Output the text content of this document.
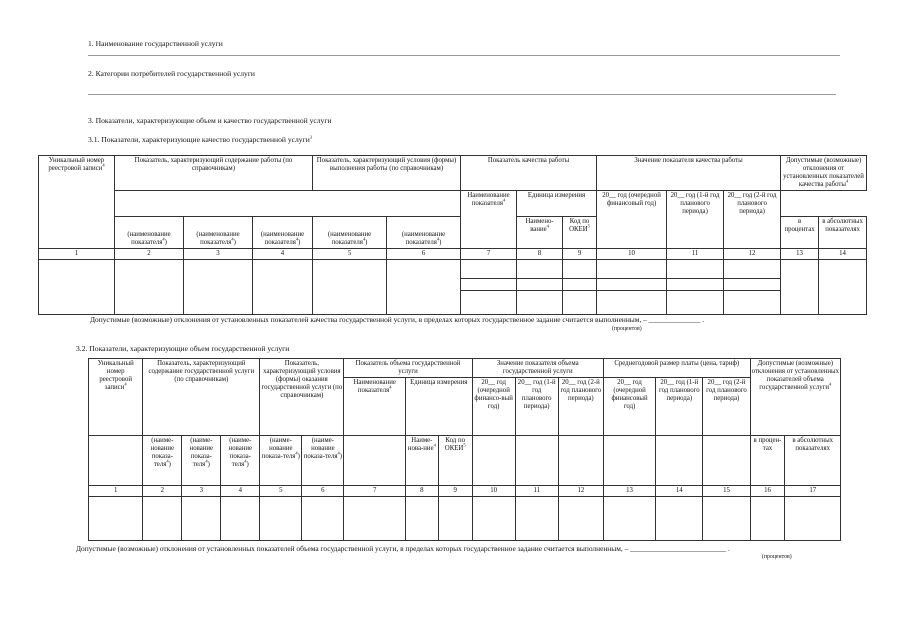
1. Наименование государственной услуги
2. Категории потребителей государственной услуги
3. Показатели, характеризующие объем и качество государственной услуги
3.1. Показатели, характеризующие качество государственной услуги$^3$
Уникальный номер реестровой записи$^4$	Показатель, характеризующий содержание работы (по справочникам)			Показатель, характеризующий условия (формы) выполнения работы (по справочникам)		Показатель качества работы			Значение показателя качества работы			Допустимые (возможные) отклонения от установленных показателей качества работы$^4$
						Наименование показателя$^4$	Единица измерения		20__ год (очередной финансовый год)	20__ год (1-й год планового периода)	20__ год (2-й год планового периода)		
	(наименование показателя$^4$)	(наименование показателя$^4$)	(наименование показателя$^4$)	(наименование показателя$^4$)	(наименование показателя$^4$)		Наимено-вание$^4$	Код по ОКЕИ$^5$				в процентах	в абсолютных показателях
1	2	3	4	5	6	7	8	9	10	11	12	13	14

Допустимые (возможные) отклонения от установленных показателей качества государственной услуги, в пределах которых государственное задание считается выполненным, – ______________ .
(процентов)
3.2. Показатели, характеризующие объем государственной услуги
Уникальный номер реестровой записи$^4$	Показатель, характеризующий содержание государственной услуги (по справочникам)			Показатель, характеризующий условия (формы) оказания государственной услуги (по справочникам)		Показатель объема государственной услуги			Значение показателя объема государственной услуги			Среднегодовой размер платы (цена, тариф)			Допустимые (возможные) отклонения от установленных показателей объема государственной услуги$^4$
						Наименование показателя$^4$	Единица измерения		20__ год (очередной финансо-вый год)	20__ год (1-й год планового периода)	20__ год (2-й год планового периода)	20__ год (очередной финансовый год)	20__ год (1-й год планового периода)	20__ год (2-й год планового периода)		
	(наиме-нование показа-теля$^4$)	(наиме-нование показа-теля$^4$)	(наиме-нование показа-теля$^4$)	(наиме-нование показа-теля$^4$)	(наиме-нование показа-теля$^4$)		Наиме-нова-ние$^4$	Код по ОКЕИ$^5$							в процен-тах	в абсолютных показателях
1	2	3	4	5	6	7	8	9	10	11	12	13	14	15	16	17

Допустимые (возможные) отклонения от установленных показателей объема государственной услуги, в пределах которых государственное задание считается выполненным, – __________________________ .
(процентов)
